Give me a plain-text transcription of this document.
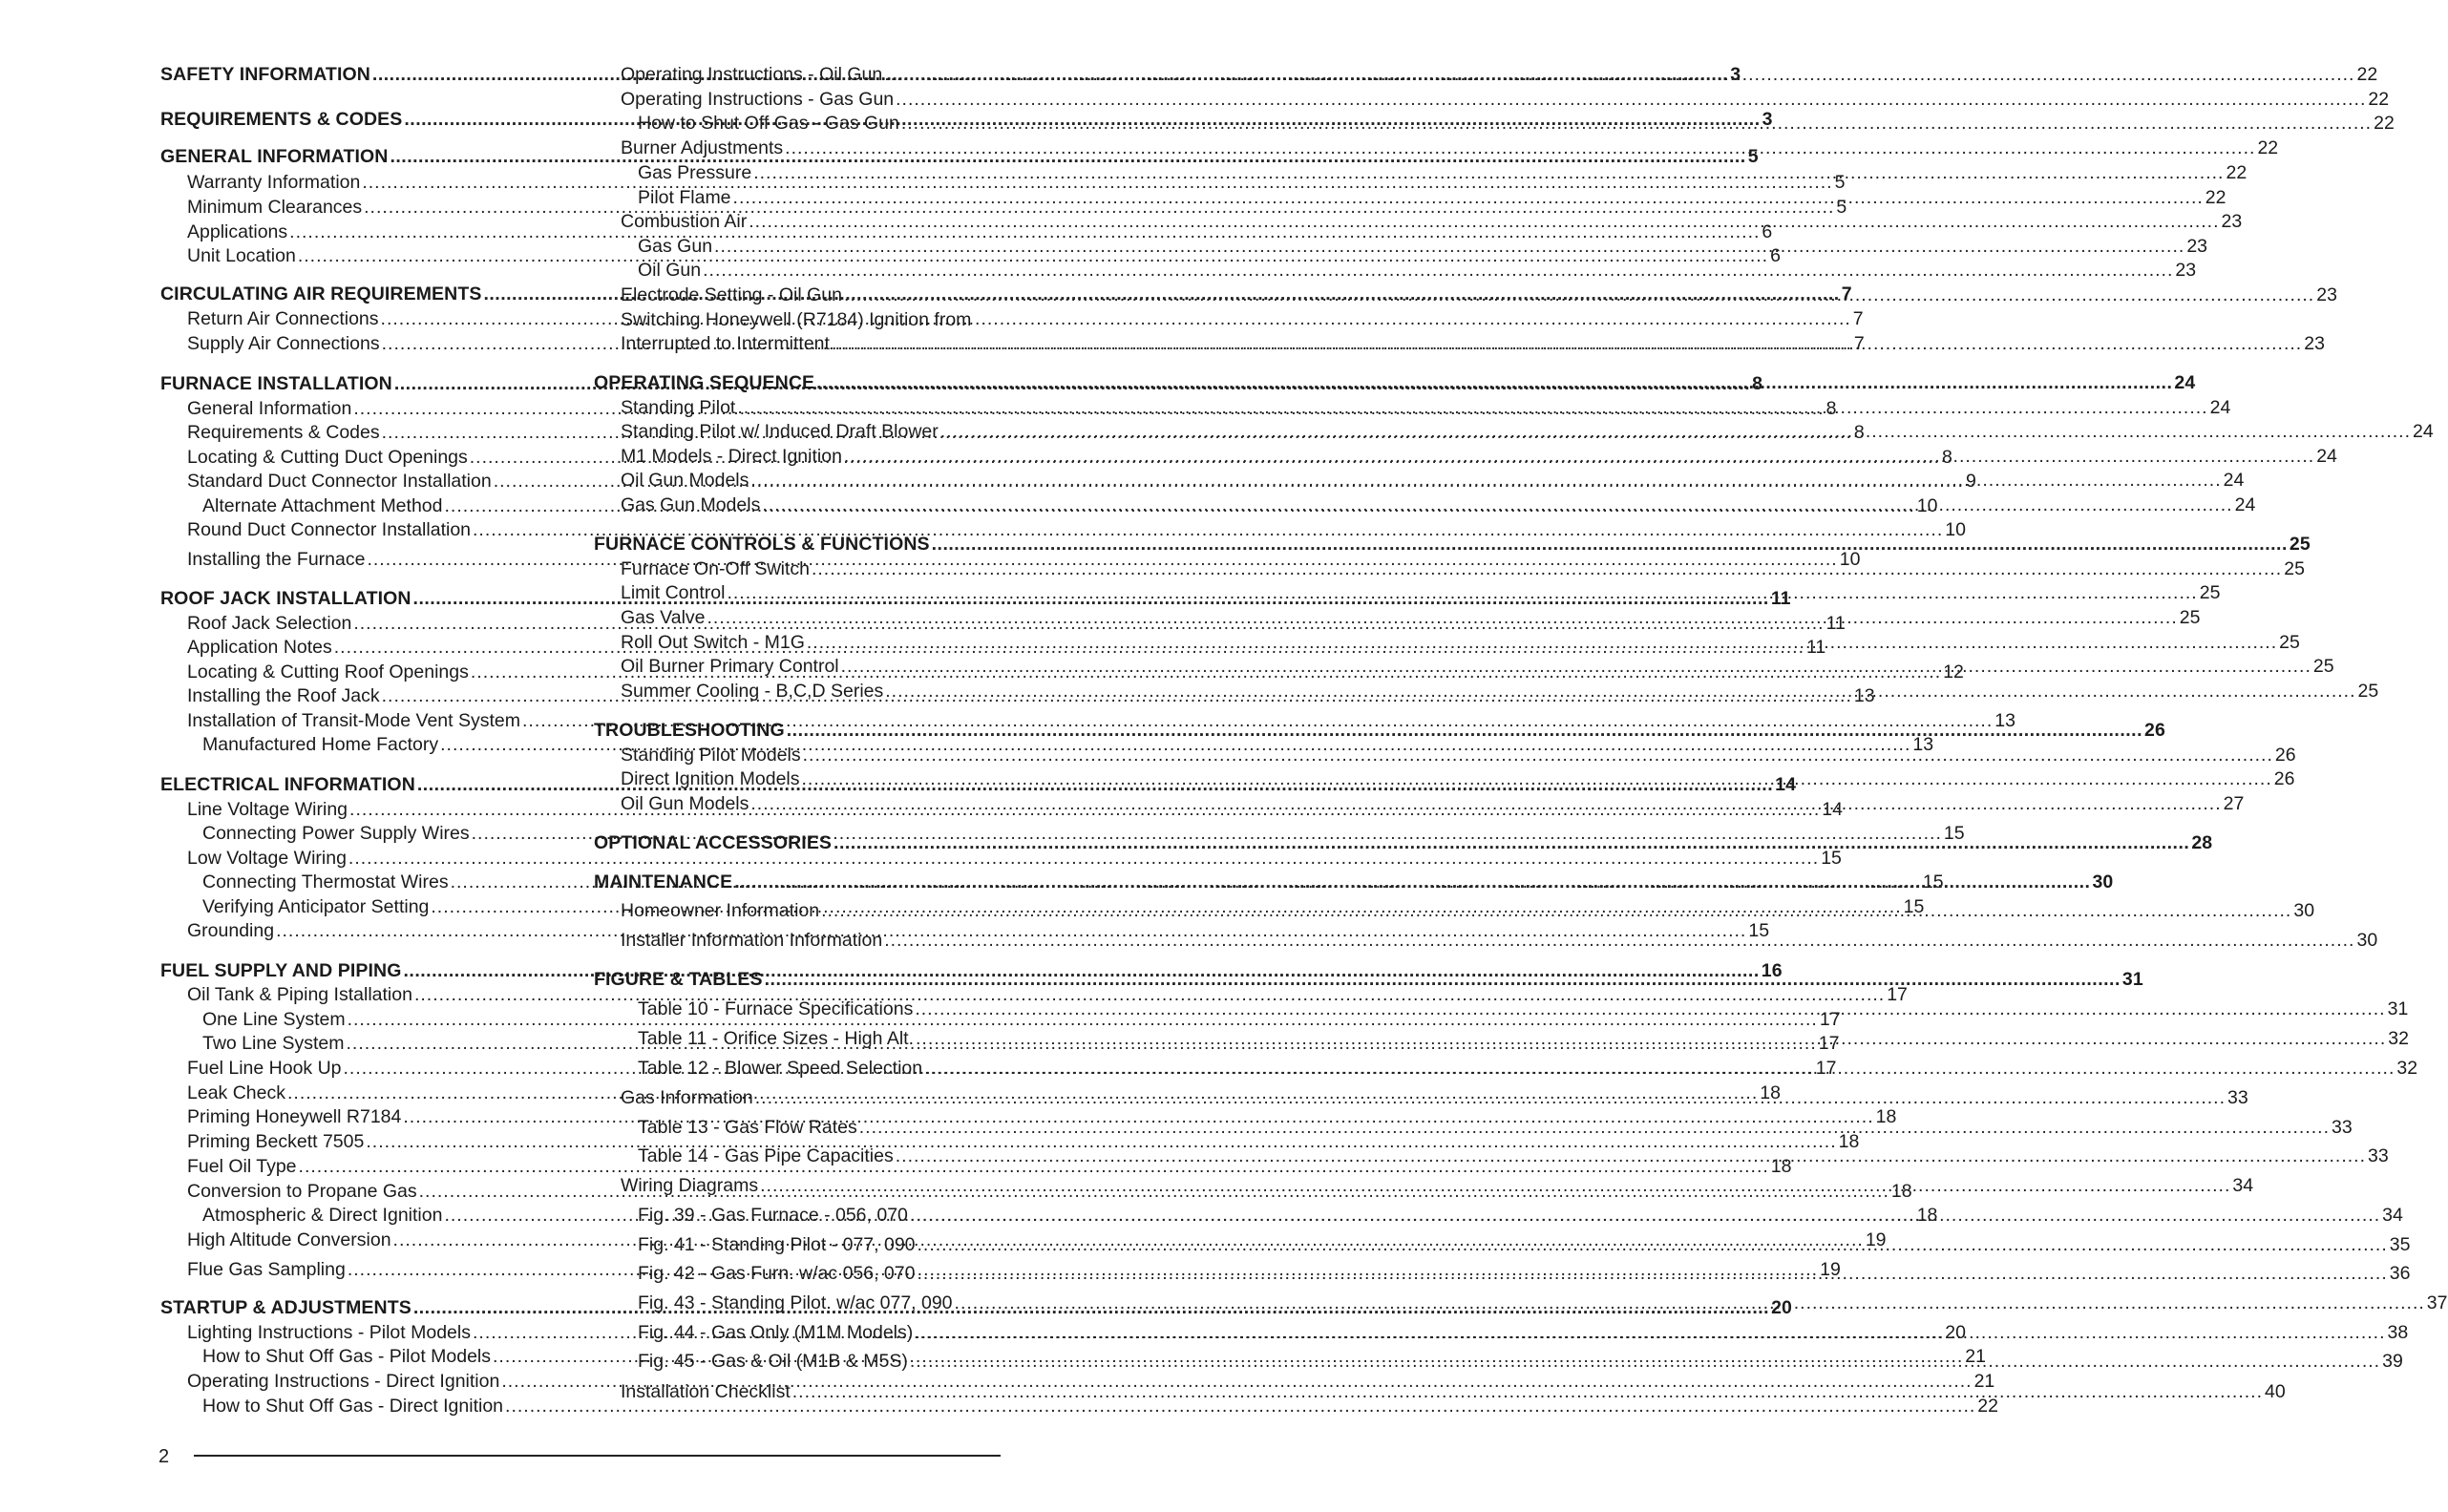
SAFETY INFORMATION .....	3
REQUIREMENTS & CODES .....	3
GENERAL INFORMATION .....	5
Warranty Information .....	5
Minimum Clearances .....	5
Applications .....	6
Unit Location .....	6
CIRCULATING AIR REQUIREMENTS .....	7
Return Air Connections .....	7
Supply Air Connections .....	7
FURNACE INSTALLATION .....	8
General Information .....	8
Requirements & Codes .....	8
Locating & Cutting Duct Openings .....	8
Standard Duct Connector Installation .....	9
Alternate Attachment Method .....	10
Round Duct Connector Installation .....	10
Installing the Furnace .....	10
ROOF JACK INSTALLATION .....	11
Roof Jack Selection .....	11
Application Notes .....	11
Locating & Cutting Roof Openings .....	12
Installing the Roof Jack .....	13
Installation of Transit-Mode Vent System .....	13
Manufactured Home Factory .....	13
ELECTRICAL INFORMATION .....	14
Line Voltage Wiring .....	14
Connecting Power Supply Wires .....	15
Low Voltage Wiring .....	15
Connecting Thermostat Wires .....	15
Verifying Anticipator Setting .....	15
Grounding .....	15
FUEL SUPPLY AND PIPING .....	16
Oil Tank & Piping Istallation .....	17
One Line System .....	17
Two Line System .....	17
Fuel Line Hook Up .....	17
Leak Check .....	18
Priming Honeywell R7184 .....	18
Priming Beckett 7505 .....	18
Fuel Oil Type .....	18
Conversion to Propane Gas .....	18
Atmospheric & Direct Ignition .....	18
High Altitude Conversion .....	19
Flue Gas Sampling .....	19
STARTUP & ADJUSTMENTS .....	20
Lighting Instructions - Pilot Models .....	20
How to Shut Off Gas - Pilot Models .....	21
Operating Instructions - Direct Ignition .....	21
How to Shut Off Gas - Direct Ignition .....	22
Operating Instructions - Oil Gun .....	22
Operating Instructions - Gas Gun .....	22
How to Shut Off Gas - Gas Gun .....	22
Burner Adjustments .....	22
Gas Pressure .....	22
Pilot Flame .....	22
Combustion Air .....	23
Gas Gun .....	23
Oil Gun .....	23
Electrode Setting - Oil Gun .....	23
Switching Honeywell (R7184) Ignition from
Interrupted to Intermittent .....	23
OPERATING SEQUENCE .....	24
Standing Pilot .....	24
Standing Pilot w/ Induced Draft Blower .....	24
M1 Models - Direct Ignition .....	24
Oil Gun Models .....	24
Gas Gun Models .....	24
FURNACE CONTROLS & FUNCTIONS .....	25
Furnace On-Off Switch .....	25
Limit Control .....	25
Gas Valve .....	25
Roll Out Switch - M1G .....	25
Oil Burner Primary Control .....	25
Summer Cooling - B,C,D Series .....	25
TROUBLESHOOTING .....	26
Standing Pilot Models .....	26
Direct Ignition Models .....	26
Oil Gun Models .....	27
OPTIONAL ACCESSORIES .....	28
MAINTENANCE .....	30
Homeowner Information .....	30
Installer Information Information .....	30
FIGURE & TABLES .....	31
Table 10 - Furnace Specifications .....	31
Table 11 - Orifice Sizes - High Alt. .....	32
Table 12 - Blower Speed Selection .....	32
Gas Information .....	33
Table 13 - Gas Flow Rates .....	33
Table 14 - Gas Pipe Capacities .....	33
Wiring Diagrams .....	34
Fig. 39 - Gas Furnace - 056, 070 .....	34
Fig. 41 - Standing Pilot - 077, 090 .....	35
Fig. 42 - Gas Furn. w/ac 056, 070 .....	36
Fig. 43 - Standing Pilot. w/ac 077, 090 .....	37
Fig. 44 - Gas Only (M1M Models) .....	38
Fig. 45 - Gas & Oil (M1B & M5S) .....	39
Installation Checklist .....	40
2
